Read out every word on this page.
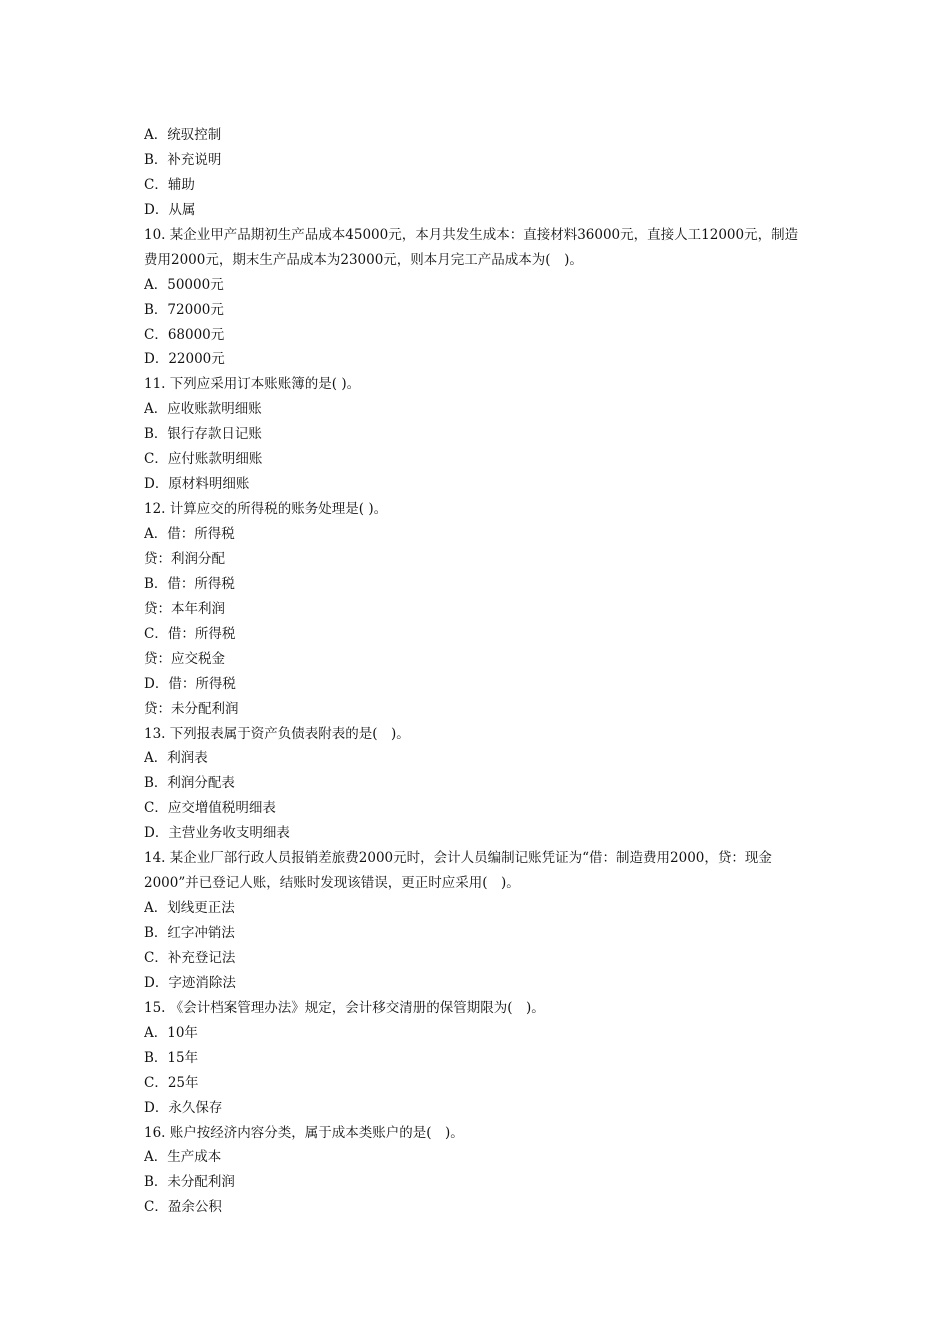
A．统驭控制
B．补充说明
C．辅助
D．从属
10. 某企业甲产品期初生产品成本45000元，本月共发生成本：直接材料36000元，直接人工12000元，制造
费用2000元，期末生产品成本为23000元，则本月完工产品成本为(　)。
A．50000元
B．72000元
C．68000元
D．22000元
11. 下列应采用订本账账簿的是( )。
A．应收账款明细账
B．银行存款日记账
C．应付账款明细账
D．原材料明细账
12. 计算应交的所得税的账务处理是( )。
A．借：所得税
贷：利润分配
B．借：所得税
贷：本年利润
C．借：所得税
贷：应交税金
D．借：所得税
贷：未分配利润
13. 下列报表属于资产负债表附表的是(　)。
A．利润表
B．利润分配表
C．应交增值税明细表
D．主营业务收支明细表
14. 某企业厂部行政人员报销差旅费2000元时，会计人员编制记账凭证为“借：制造费用2000，贷：现金
2000”并已登记人账，结账时发现该错误，更正时应采用(　)。
A．划线更正法
B．红字冲销法
C．补充登记法
D．字迹消除法
15. 《会计档案管理办法》规定，会计移交清册的保管期限为(　)。
A．10年
B．15年
C．25年
D．永久保存
16. 账户按经济内容分类，属于成本类账户的是(　)。
A．生产成本
B．未分配利润
C．盈余公积
